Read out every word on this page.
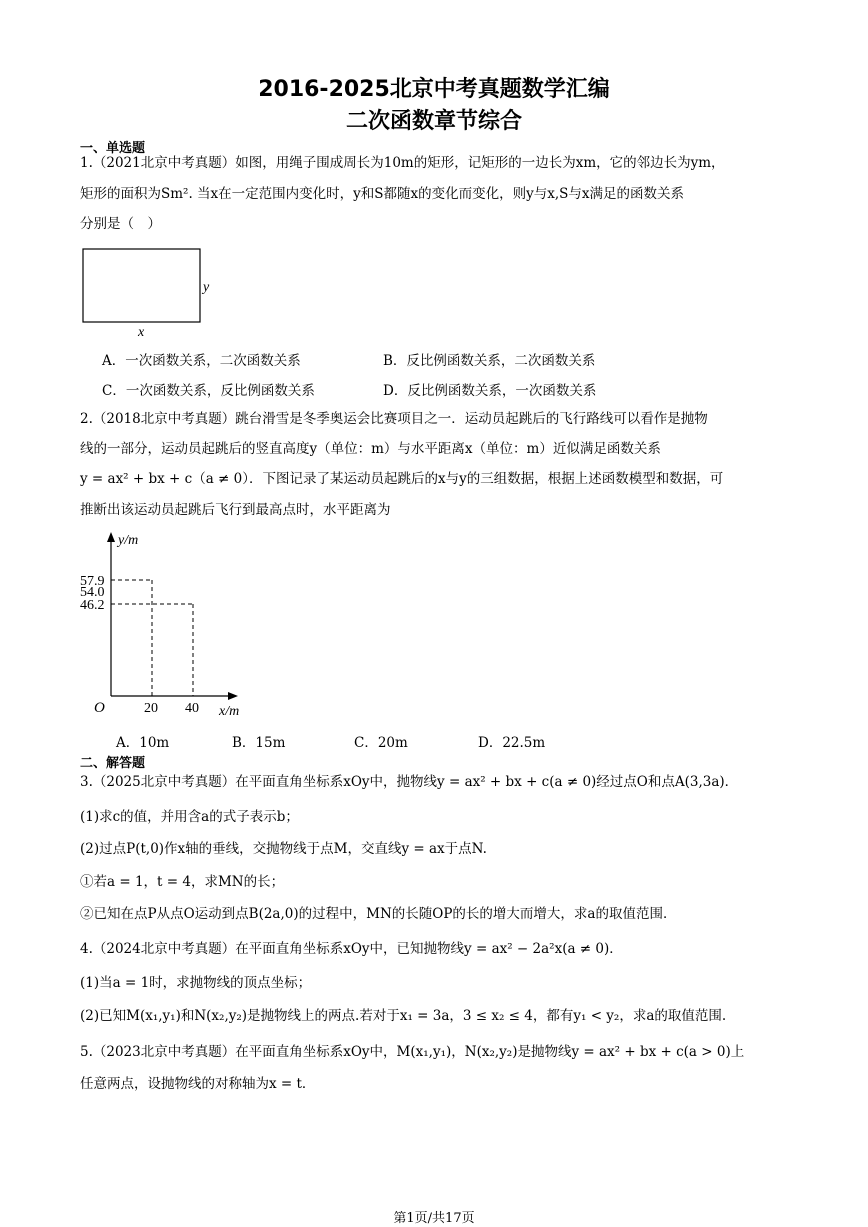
2016-2025北京中考真题数学汇编
二次函数章节综合
一、单选题
1.（2021北京中考真题）如图，用绳子围成周长为10m的矩形，记矩形的一边长为xm，它的邻边长为ym，
矩形的面积为Sm². 当x在一定范围内变化时，y和S都随x的变化而变化，则y与x,S与x满足的函数关系
分别是（　）
y
x
A．一次函数关系，二次函数关系	B．反比例函数关系，二次函数关系
C．一次函数关系，反比例函数关系	D．反比例函数关系，一次函数关系
2.（2018北京中考真题）跳台滑雪是冬季奥运会比赛项目之一．运动员起跳后的飞行路线可以看作是抛物
线的一部分，运动员起跳后的竖直高度y（单位：m）与水平距离x（单位：m）近似满足函数关系
y = ax² + bx + c（a ≠ 0）．下图记录了某运动员起跳后的x与y的三组数据，根据上述函数模型和数据，可
推断出该运动员起跳后飞行到最高点时，水平距离为
y/m
x/m
O
57.9
54.0
46.2
20 40
A．10m	B．15m	C．20m	D．22.5m
二、解答题
3.（2025北京中考真题）在平面直角坐标系xOy中，抛物线y = ax² + bx + c(a ≠ 0)经过点O和点A(3,3a)．
(1)求c的值，并用含a的式子表示b；
(2)过点P(t,0)作x轴的垂线，交抛物线于点M，交直线y = ax于点N.
①若a = 1，t = 4，求MN的长；
②已知在点P从点O运动到点B(2a,0)的过程中，MN的长随OP的长的增大而增大，求a的取值范围．
4.（2024北京中考真题）在平面直角坐标系xOy中，已知抛物线y = ax² − 2a²x(a ≠ 0)．
(1)当a = 1时，求抛物线的顶点坐标；
(2)已知M(x₁,y₁)和N(x₂,y₂)是抛物线上的两点.若对于x₁ = 3a，3 ≤ x₂ ≤ 4，都有y₁ < y₂，求a的取值范围.
5.（2023北京中考真题）在平面直角坐标系xOy中，M(x₁,y₁)，N(x₂,y₂)是抛物线y = ax² + bx + c(a > 0)上
任意两点，设抛物线的对称轴为x = t．
第1页/共17页
